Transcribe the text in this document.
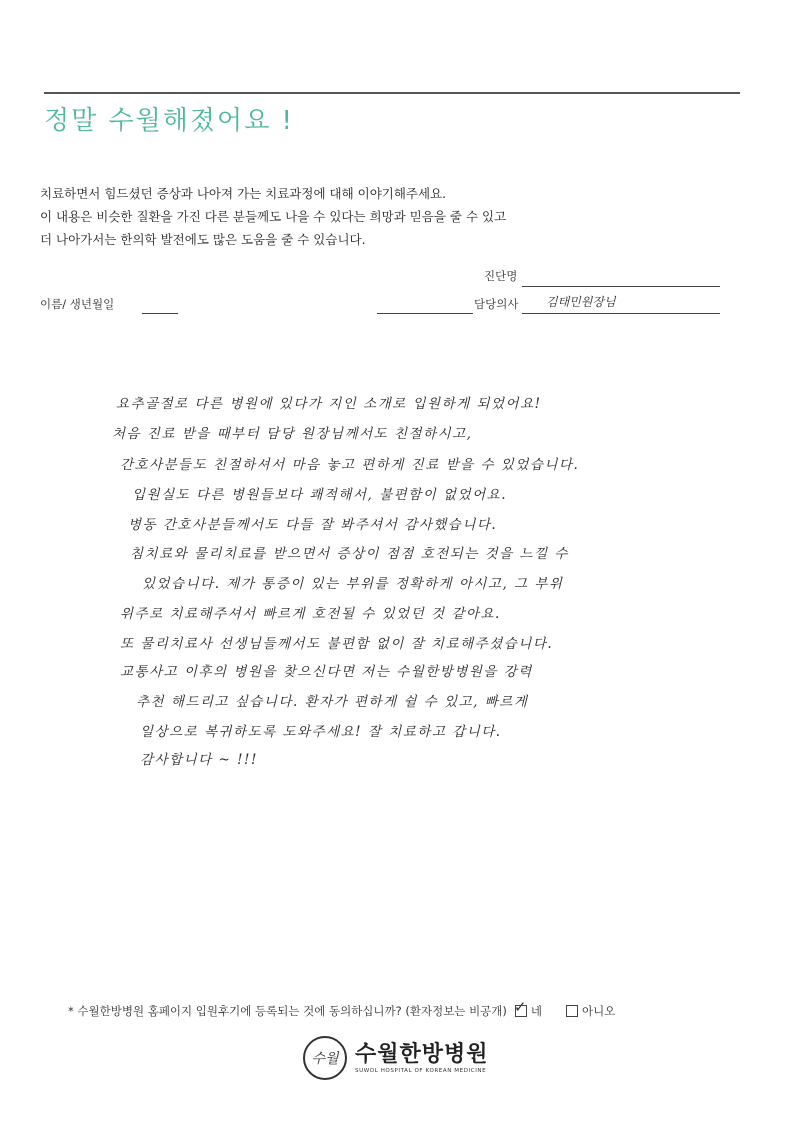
정말 수월해졌어요 !
치료하면서 힘드셨던 증상과 나아져 가는 치료과정에 대해 이야기해주세요.
이 내용은 비슷한 질환을 가진 다른 분들께도 나을 수 있다는 희망과 믿음을 줄 수 있고
더 나아가서는 한의학 발전에도 많은 도움을 줄 수 있습니다.
진단명
이름/ 생년월일	담당의사 김태민원장님
요추골절로 다른 병원에 있다가 지인 소개로 입원하게 되었어요!
처음 진료 받을 때부터 담당 원장님께서도 친절하시고,
간호사분들도 친절하셔서 마음 놓고 편하게 진료 받을 수 있었습니다.
입원실도 다른 병원들보다 쾌적해서, 불편함이 없었어요.
병동 간호사분들께서도 다들 잘 봐주셔서 감사했습니다.
침치료와 물리치료를 받으면서 증상이 점점 호전되는 것을 느낄 수
있었습니다. 제가 통증이 있는 부위를 정확하게 아시고, 그 부위
위주로 치료해주셔서 빠르게 호전될 수 있었던 것 같아요.
또 물리치료사 선생님들께서도 불편함 없이 잘 치료해주셨습니다.
교통사고 이후의 병원을 찾으신다면 저는 수월한방병원을 강력
추천 해드리고 싶습니다. 환자가 편하게 쉴 수 있고, 빠르게
일상으로 복귀하도록 도와주세요! 잘 치료하고 갑니다.
감사합니다 ~ !!!
* 수월한방병원 홈페이지 입원후기에 등록되는 것에 동의하십니까? (환자정보는 비공개)
✓ 네	아니오
수월 수월한방병원
SUWOL HOSPITAL OF KOREAN MEDICINE
